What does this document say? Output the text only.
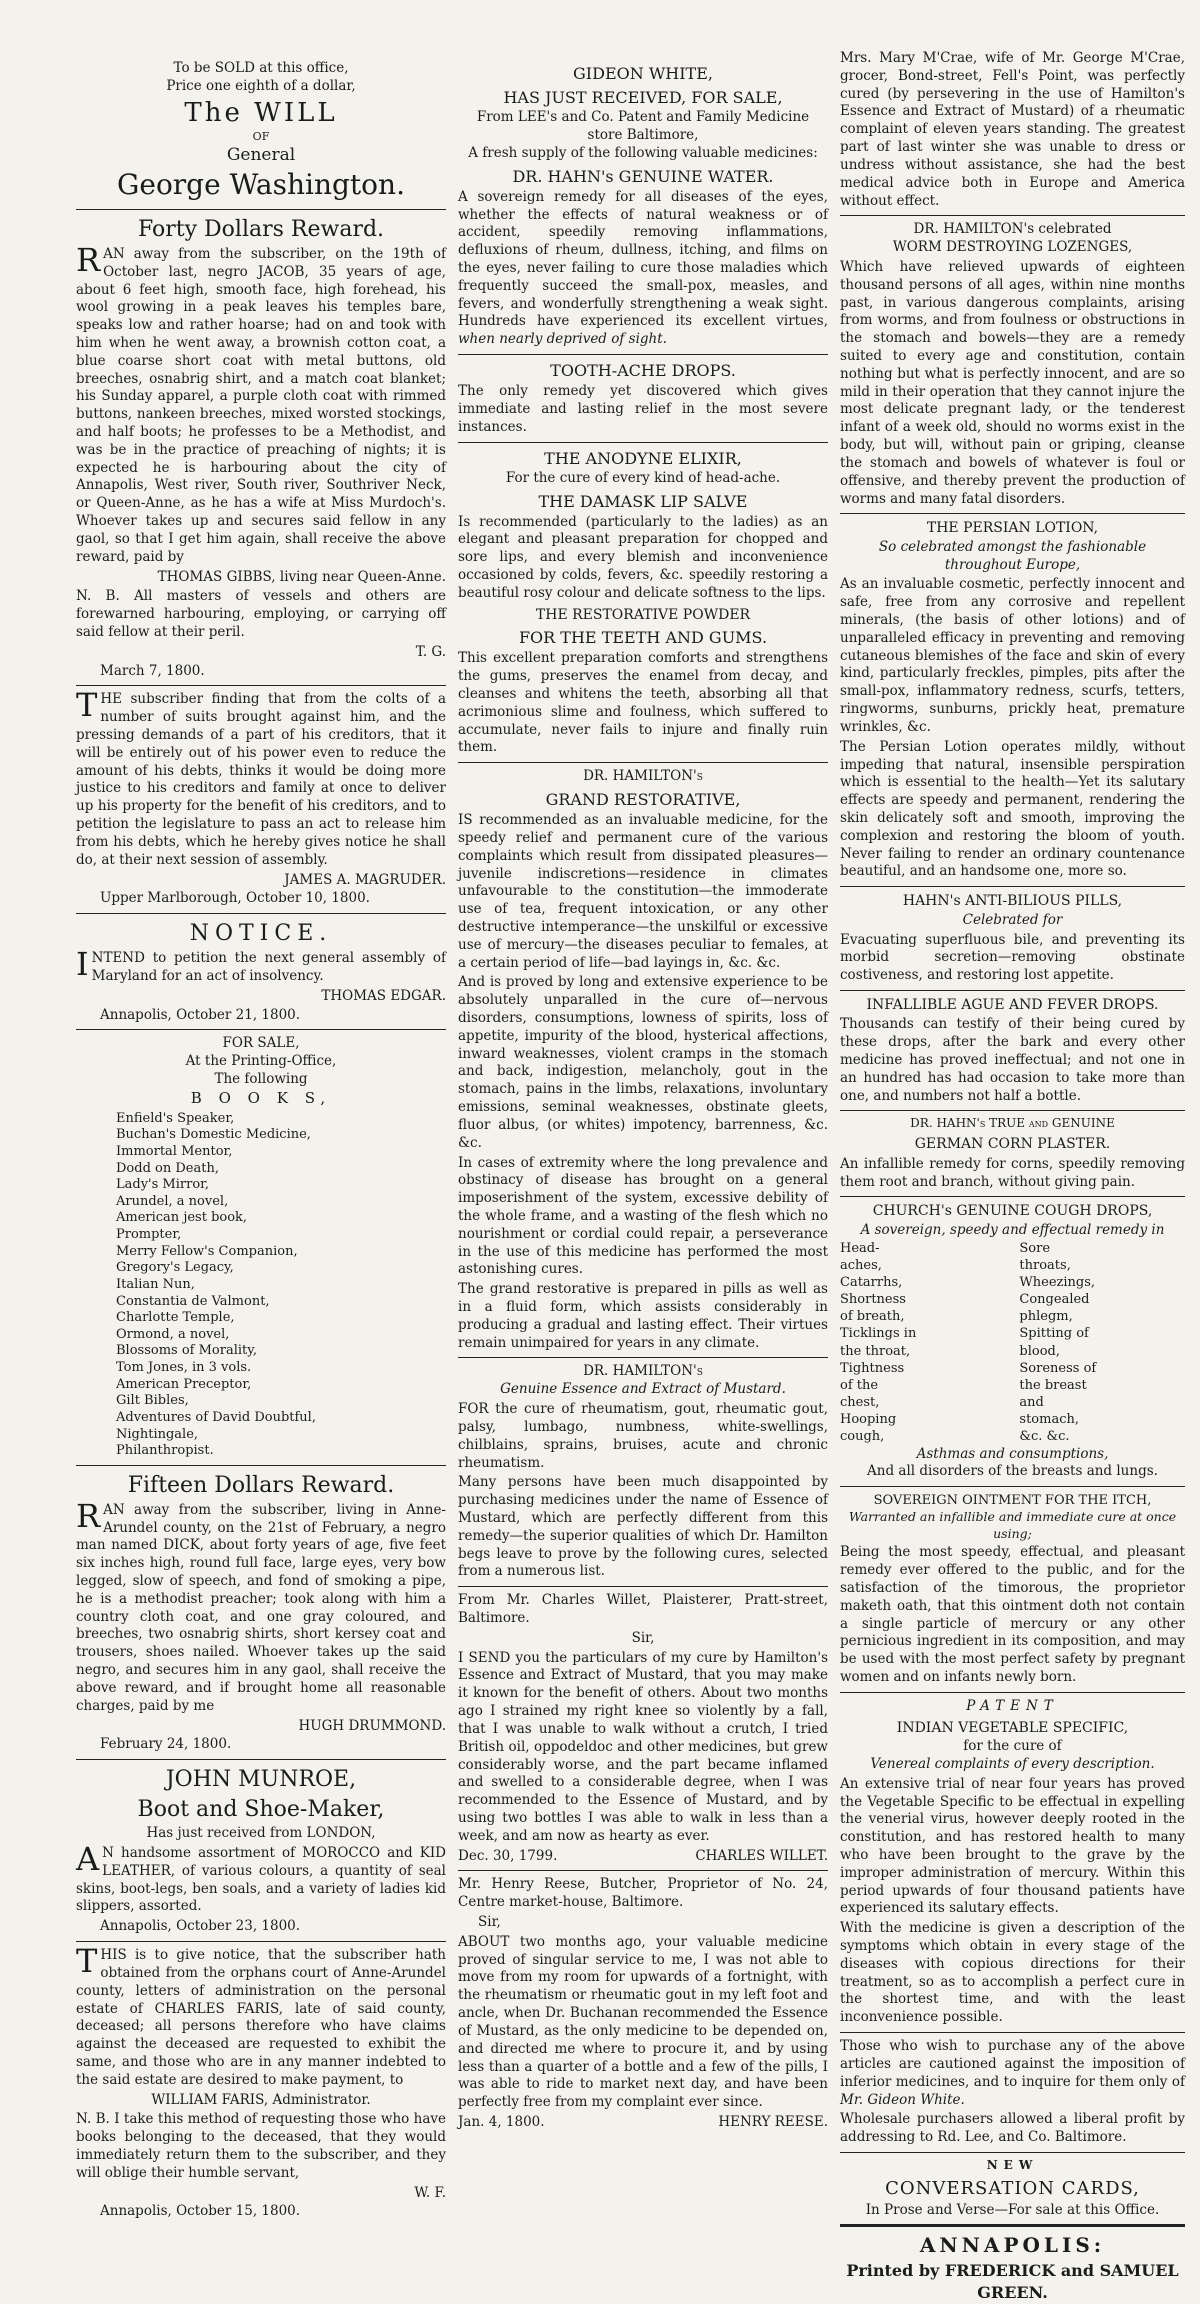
To be SOLD at this office,
Price one eighth of a dollar,
The WILL
OF
General
George Washington.
Forty Dollars Reward.

RAN away from the subscriber, on the 19th of October last, negro JACOB, 35 years of age, about 6 feet high, smooth face, high forehead, his wool growing in a peak leaves his temples bare, speaks low and rather hoarse; had on and took with him when he went away, a brownish cotton coat, a blue coarse short coat with metal buttons, old breeches, osnabrig shirt, and a match coat blanket; his Sunday apparel, a purple cloth coat with rimmed buttons, nankeen breeches, mixed worsted stockings, and half boots; he professes to be a Methodist, and was be in the practice of preaching of nights; it is expected he is harbouring about the city of Annapolis, West river, South river, Southriver Neck, or Queen-Anne, as he has a wife at Miss Murdoch's. Whoever takes up and secures said fellow in any gaol, so that I get him again, shall receive the above reward, paid by

THOMAS GIBBS, living near Queen-Anne.

N. B. All masters of vessels and others are forewarned harbouring, employing, or carrying off said fellow at their peril.

T. G.
March 7, 1800.

THE subscriber finding that from the colts of a number of suits brought against him, and the pressing demands of a part of his creditors, that it will be entirely out of his power even to reduce the amount of his debts, thinks it would be doing more justice to his creditors and family at once to deliver up his property for the benefit of his creditors, and to petition the legislature to pass an act to release him from his debts, which he hereby gives notice he shall do, at their next session of assembly.

JAMES A. MAGRUDER.
Upper Marlborough, October 10, 1800.
NOTICE.

INTEND to petition the next general assembly of Maryland for an act of insolvency.

THOMAS EDGAR.
Annapolis, October 21, 1800.
FOR SALE,
At the Printing-Office,
The following
B O O K S,
Enfield's Speaker,
Buchan's Domestic Medicine,
Immortal Mentor,
Dodd on Death,
Lady's Mirror,
Arundel, a novel,
American jest book,
Prompter,
Merry Fellow's Companion,
Gregory's Legacy,
Italian Nun,
Constantia de Valmont,
Charlotte Temple,
Ormond, a novel,
Blossoms of Morality,
Tom Jones, in 3 vols.
American Preceptor,
Gilt Bibles,
Adventures of David Doubtful,
Nightingale,
Philanthropist.
Fifteen Dollars Reward.

RAN away from the subscriber, living in Anne-Arundel county, on the 21st of February, a negro man named DICK, about forty years of age, five feet six inches high, round full face, large eyes, very bow legged, slow of speech, and fond of smoking a pipe, he is a methodist preacher; took along with him a country cloth coat, and one gray coloured, and breeches, two osnabrig shirts, short kersey coat and trousers, shoes nailed. Whoever takes up the said negro, and secures him in any gaol, shall receive the above reward, and if brought home all reasonable charges, paid by me

HUGH DRUMMOND.
February 24, 1800.
JOHN MUNROE,
Boot and Shoe-Maker,
Has just received from LONDON,

AN handsome assortment of MOROCCO and KID LEATHER, of various colours, a quantity of seal skins, boot-legs, ben soals, and a variety of ladies kid slippers, assorted.

Annapolis, October 23, 1800.

THIS is to give notice, that the subscriber hath obtained from the orphans court of Anne-Arundel county, letters of administration on the personal estate of CHARLES FARIS, late of said county, deceased; all persons therefore who have claims against the deceased are requested to exhibit the same, and those who are in any manner indebted to the said estate are desired to make payment, to

WILLIAM FARIS, Administrator.

N. B. I take this method of requesting those who have books belonging to the deceased, that they would immediately return them to the subscriber, and they will oblige their humble servant,

W. F.
Annapolis, October 15, 1800.
GIDEON WHITE,
HAS JUST RECEIVED, FOR SALE,
From LEE's and Co. Patent and Family Medicine store Baltimore,
A fresh supply of the following valuable medicines:
DR. HAHN's GENUINE WATER.

A sovereign remedy for all diseases of the eyes, whether the effects of natural weakness or of accident, speedily removing inflammations, defluxions of rheum, dullness, itching, and films on the eyes, never failing to cure those maladies which frequently succeed the small-pox, measles, and fevers, and wonderfully strengthening a weak sight. Hundreds have experienced its excellent virtues, when nearly deprived of sight.

TOOTH-ACHE DROPS.

The only remedy yet discovered which gives immediate and lasting relief in the most severe instances.

THE ANODYNE ELIXIR,
For the cure of every kind of head-ache.
THE DAMASK LIP SALVE

Is recommended (particularly to the ladies) as an elegant and pleasant preparation for chopped and sore lips, and every blemish and inconvenience occasioned by colds, fevers, &c. speedily restoring a beautiful rosy colour and delicate softness to the lips.

THE RESTORATIVE POWDER
FOR THE TEETH AND GUMS.

This excellent preparation comforts and strengthens the gums, preserves the enamel from decay, and cleanses and whitens the teeth, absorbing all that acrimonious slime and foulness, which suffered to accumulate, never fails to injure and finally ruin them.

DR. HAMILTON's
GRAND RESTORATIVE,

IS recommended as an invaluable medicine, for the speedy relief and permanent cure of the various complaints which result from dissipated pleasures—juvenile indiscretions—residence in climates unfavourable to the constitution—the immoderate use of tea, frequent intoxication, or any other destructive intemperance—the unskilful or excessive use of mercury—the diseases peculiar to females, at a certain period of life—bad layings in, &c. &c.

And is proved by long and extensive experience to be absolutely unparalled in the cure of—nervous disorders, consumptions, lowness of spirits, loss of appetite, impurity of the blood, hysterical affections, inward weaknesses, violent cramps in the stomach and back, indigestion, melancholy, gout in the stomach, pains in the limbs, relaxations, involuntary emissions, seminal weaknesses, obstinate gleets, fluor albus, (or whites) impotency, barrenness, &c. &c.

In cases of extremity where the long prevalence and obstinacy of disease has brought on a general imposerishment of the system, excessive debility of the whole frame, and a wasting of the flesh which no nourishment or cordial could repair, a perseverance in the use of this medicine has performed the most astonishing cures.

The grand restorative is prepared in pills as well as in a fluid form, which assists considerably in producing a gradual and lasting effect. Their virtues remain unimpaired for years in any climate.

DR. HAMILTON's
Genuine Essence and Extract of Mustard.

FOR the cure of rheumatism, gout, rheumatic gout, palsy, lumbago, numbness, white-swellings, chilblains, sprains, bruises, acute and chronic rheumatism.

Many persons have been much disappointed by purchasing medicines under the name of Essence of Mustard, which are perfectly different from this remedy—the superior qualities of which Dr. Hamilton begs leave to prove by the following cures, selected from a numerous list.

From Mr. Charles Willet, Plaisterer, Pratt-street, Baltimore.

Sir,

I SEND you the particulars of my cure by Hamilton's Essence and Extract of Mustard, that you may make it known for the benefit of others. About two months ago I strained my right knee so violently by a fall, that I was unable to walk without a crutch, I tried British oil, oppodeldoc and other medicines, but grew considerably worse, and the part became inflamed and swelled to a considerable degree, when I was recommended to the Essence of Mustard, and by using two bottles I was able to walk in less than a week, and am now as hearty as ever.

Dec. 30, 1799.	CHARLES WILLET.

Mr. Henry Reese, Butcher, Proprietor of No. 24, Centre market-house, Baltimore.

Sir,

ABOUT two months ago, your valuable medicine proved of singular service to me, I was not able to move from my room for upwards of a fortnight, with the rheumatism or rheumatic gout in my left foot and ancle, when Dr. Buchanan recommended the Essence of Mustard, as the only medicine to be depended on, and directed me where to procure it, and by using less than a quarter of a bottle and a few of the pills, I was able to ride to market next day, and have been perfectly free from my complaint ever since.

Jan. 4, 1800.	HENRY REESE.

Mrs. Mary M'Crae, wife of Mr. George M'Crae, grocer, Bond-street, Fell's Point, was perfectly cured (by persevering in the use of Hamilton's Essence and Extract of Mustard) of a rheumatic complaint of eleven years standing. The greatest part of last winter she was unable to dress or undress without assistance, she had the best medical advice both in Europe and America without effect.

DR. HAMILTON's celebrated
WORM DESTROYING LOZENGES,

Which have relieved upwards of eighteen thousand persons of all ages, within nine months past, in various dangerous complaints, arising from worms, and from foulness or obstructions in the stomach and bowels—they are a remedy suited to every age and constitution, contain nothing but what is perfectly innocent, and are so mild in their operation that they cannot injure the most delicate pregnant lady, or the tenderest infant of a week old, should no worms exist in the body, but will, without pain or griping, cleanse the stomach and bowels of whatever is foul or offensive, and thereby prevent the production of worms and many fatal disorders.

THE PERSIAN LOTION,
So celebrated amongst the fashionable throughout Europe,

As an invaluable cosmetic, perfectly innocent and safe, free from any corrosive and repellent minerals, (the basis of other lotions) and of unparalleled efficacy in preventing and removing cutaneous blemishes of the face and skin of every kind, particularly freckles, pimples, pits after the small-pox, inflammatory redness, scurfs, tetters, ringworms, sunburns, prickly heat, premature wrinkles, &c.

The Persian Lotion operates mildly, without impeding that natural, insensible perspiration which is essential to the health—Yet its salutary effects are speedy and permanent, rendering the skin delicately soft and smooth, improving the complexion and restoring the bloom of youth. Never failing to render an ordinary countenance beautiful, and an handsome one, more so.

HAHN's ANTI-BILIOUS PILLS,
Celebrated for

Evacuating superfluous bile, and preventing its morbid secretion—removing obstinate costiveness, and restoring lost appetite.

INFALLIBLE AGUE AND FEVER DROPS.

Thousands can testify of their being cured by these drops, after the bark and every other medicine has proved ineffectual; and not one in an hundred has had occasion to take more than one, and numbers not half a bottle.

DR. HAHN's TRUE and GENUINE
GERMAN CORN PLASTER.

An infallible remedy for corns, speedily removing them root and branch, without giving pain.

CHURCH's GENUINE COUGH DROPS,
A sovereign, speedy and effectual remedy in
Head-aches,
Catarrhs,
Shortness of breath,
Ticklings in the throat,
Tightness of the chest,
Hooping cough,
Sore throats,
Wheezings,
Congealed phlegm,
Spitting of blood,
Soreness of the breast and
stomach, &c. &c.
Asthmas and consumptions,
And all disorders of the breasts and lungs.
SOVEREIGN OINTMENT FOR THE ITCH,
Warranted an infallible and immediate cure at once using;

Being the most speedy, effectual, and pleasant remedy ever offered to the public, and for the satisfaction of the timorous, the proprietor maketh oath, that this ointment doth not contain a single particle of mercury or any other pernicious ingredient in its composition, and may be used with the most perfect safety by pregnant women and on infants newly born.

PATENT
INDIAN VEGETABLE SPECIFIC,
for the cure of
Venereal complaints of every description.

An extensive trial of near four years has proved the Vegetable Specific to be effectual in expelling the venerial virus, however deeply rooted in the constitution, and has restored health to many who have been brought to the grave by the improper administration of mercury. Within this period upwards of four thousand patients have experienced its salutary effects.

With the medicine is given a description of the symptoms which obtain in every stage of the diseases with copious directions for their treatment, so as to accomplish a perfect cure in the shortest time, and with the least inconvenience possible.

Those who wish to purchase any of the above articles are cautioned against the imposition of inferior medicines, and to inquire for them only of Mr. Gideon White.

Wholesale purchasers allowed a liberal profit by addressing to Rd. Lee, and Co. Baltimore.

NEW
CONVERSATION CARDS,
In Prose and Verse—For sale at this Office.
ANNAPOLIS:
Printed by FREDERICK and SAMUEL
GREEN.
